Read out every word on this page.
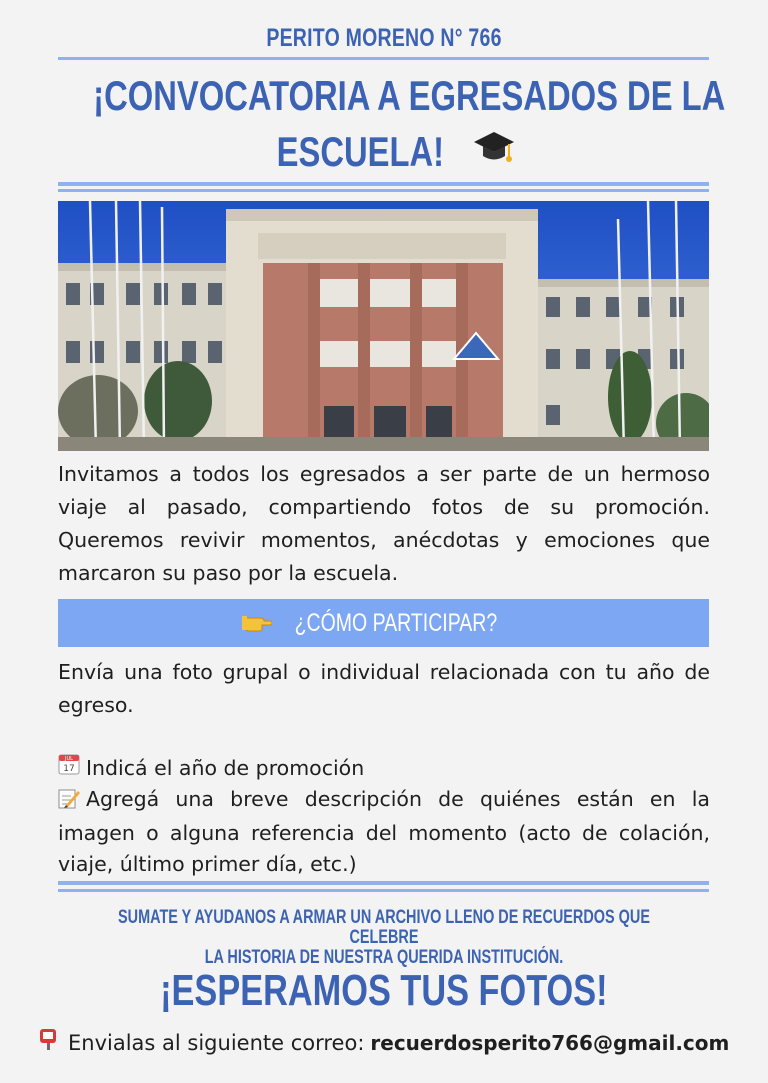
PERITO MORENO N° 766
¡CONVOCATORIA A EGRESADOS DE LA
ESCUELA!
Invitamos a todos los egresados a ser parte de un hermoso viaje al pasado, compartiendo fotos de su promoción. Queremos revivir momentos, anécdotas y emociones que marcaron su paso por la escuela.
¿CÓMO PARTICIPAR?
Envía una foto grupal o individual relacionada con tu año de egreso.
JUL
17 Indicá el año de promoción
Agregá una breve descripción de quiénes están en la imagen o alguna referencia del momento (acto de colación, viaje, último primer día, etc.)
SUMATE Y AYUDANOS A ARMAR UN ARCHIVO LLENO DE RECUERDOS QUE CELEBRE
LA HISTORIA DE NUESTRA QUERIDA INSTITUCIÓN.
¡ESPERAMOS TUS FOTOS!
Envialas al siguiente correo: recuerdosperito766@gmail.com
